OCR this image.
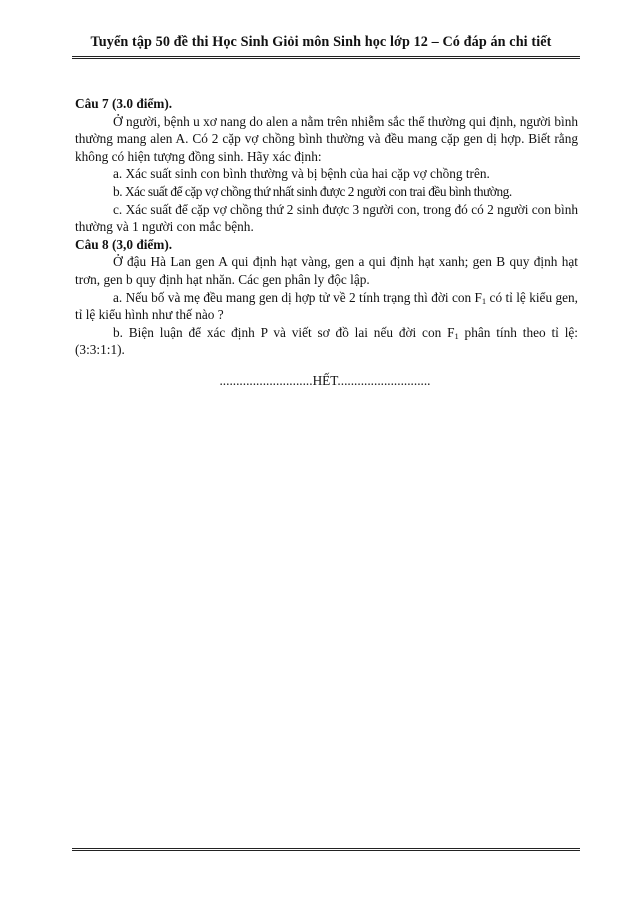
Tuyển tập 50 đề thi Học Sinh Giỏi môn Sinh học lớp 12 – Có đáp án chi tiết

Câu 7 (3.0 điểm).

Ở người, bệnh u xơ nang do alen a nằm trên nhiễm sắc thể thường qui định, người bình thường mang alen A. Có 2 cặp vợ chồng bình thường và đều mang cặp gen dị hợp. Biết rằng không có hiện tượng đồng sinh. Hãy xác định:

a. Xác suất sinh con bình thường và bị bệnh của hai cặp vợ chồng trên.

b. Xác suất để cặp vợ chồng thứ nhất sinh được 2 người con trai đều bình thường.

c. Xác suất để cặp vợ chồng thứ 2 sinh được 3 người con, trong đó có 2 người con bình thường và 1 người con mắc bệnh.

Câu 8 (3,0 điểm).

Ở đậu Hà Lan gen A qui định hạt vàng, gen a qui định hạt xanh; gen B quy định hạt trơn, gen b quy định hạt nhăn. Các gen phân ly độc lập.

a. Nếu bố và mẹ đều mang gen dị hợp tử về 2 tính trạng thì đời con $F_1$ có tỉ lệ kiểu gen, tỉ lệ kiểu hình như thế nào ?

b. Biện luận để xác định P và viết sơ đồ lai nếu đời con $F_1$ phân tính theo tỉ lệ: (3:3:1:1).

............................HẾT............................
